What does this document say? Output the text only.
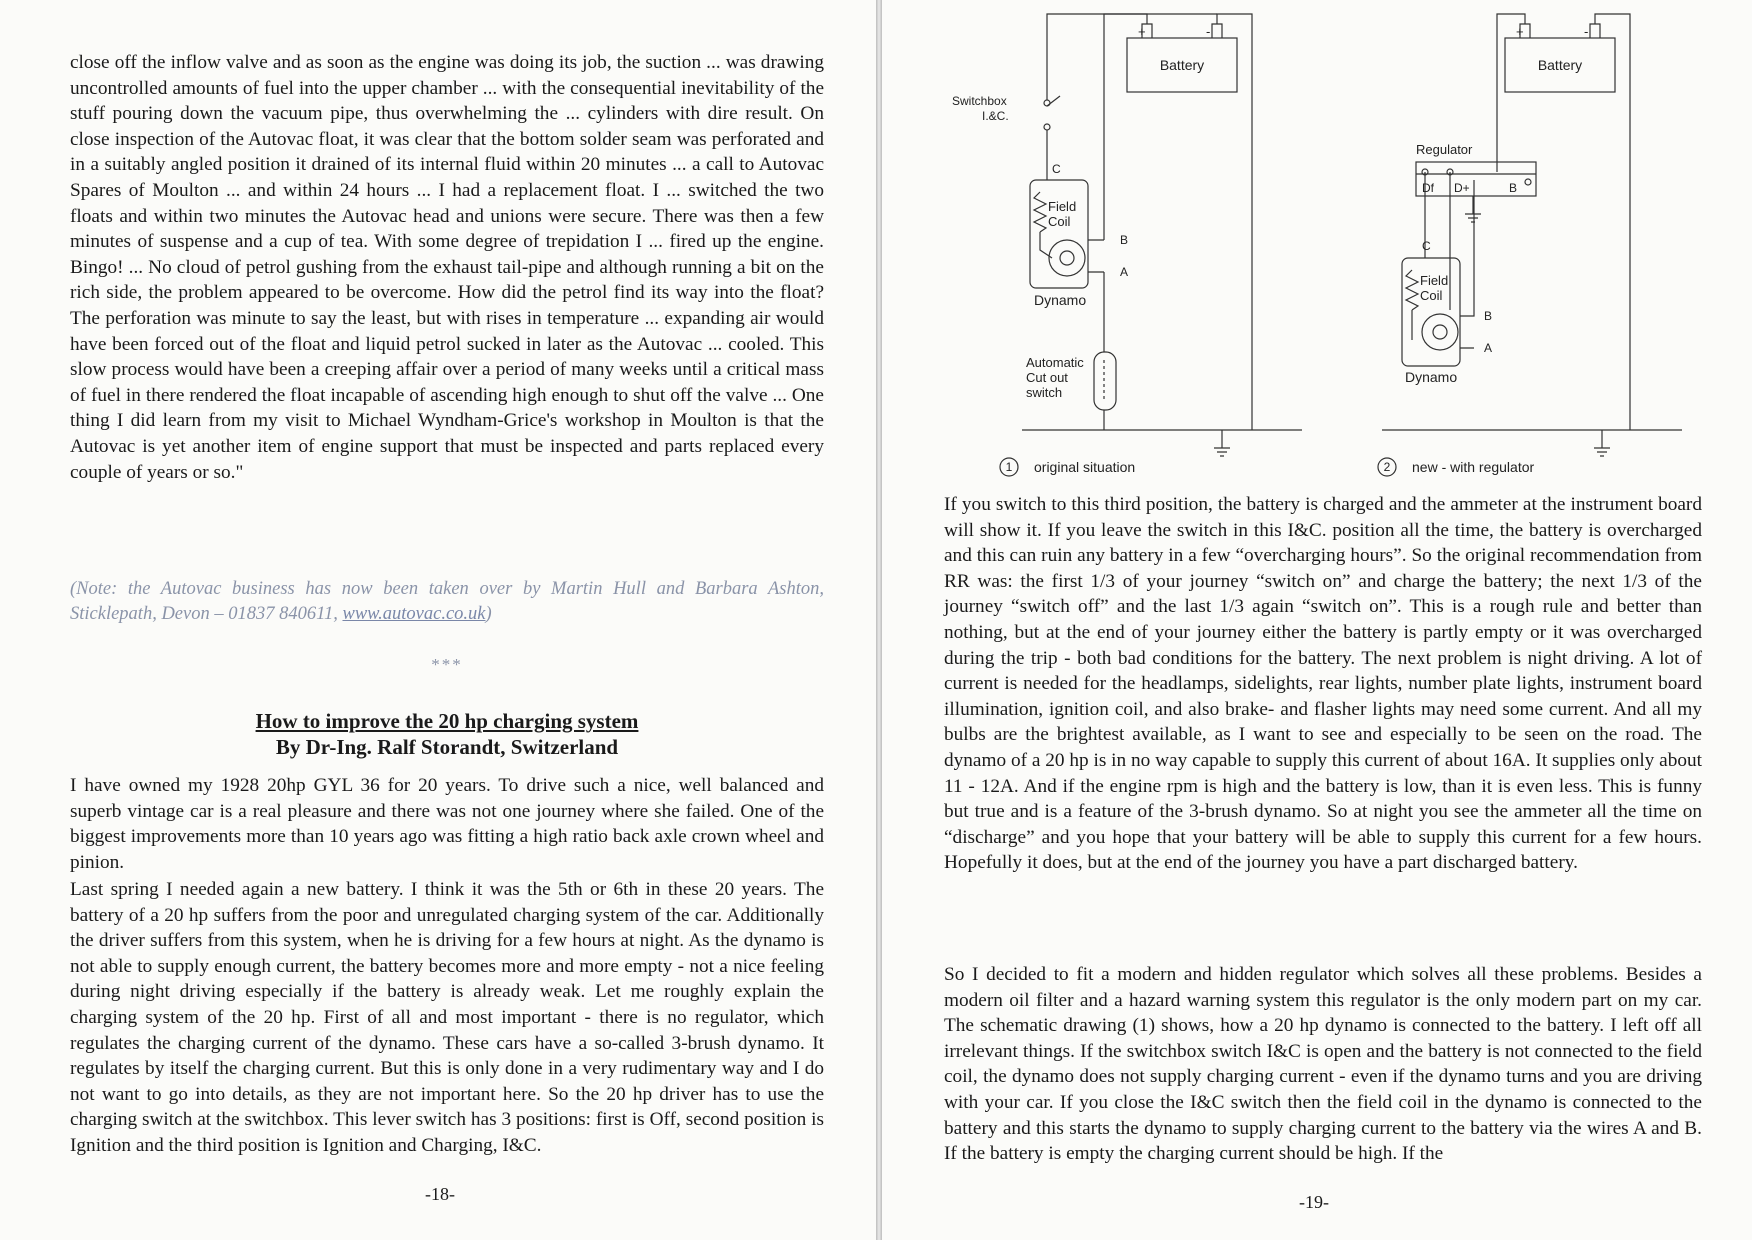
close off the inflow valve and as soon as the engine was doing its job, the suction ... was drawing uncontrolled amounts of fuel into the upper chamber ... with the consequential inevitability of the stuff pouring down the vacuum pipe, thus overwhelming the ... cylinders with dire result. On close inspection of the Autovac float, it was clear that the bottom solder seam was perforated and in a suitably angled position it drained of its internal fluid within 20 minutes ... a call to Autovac Spares of Moulton ... and within 24 hours ... I had a replacement float. I ... switched the two floats and within two minutes the Autovac head and unions were secure. There was then a few minutes of suspense and a cup of tea. With some degree of trepidation I ... fired up the engine. Bingo! ... No cloud of petrol gushing from the exhaust tail-pipe and although running a bit on the rich side, the problem appeared to be overcome. How did the petrol find its way into the float? The perforation was minute to say the least, but with rises in temperature ... expanding air would have been forced out of the float and liquid petrol sucked in later as the Autovac ... cooled. This slow process would have been a creeping affair over a period of many weeks until a critical mass of fuel in there rendered the float incapable of ascending high enough to shut off the valve ... One thing I did learn from my visit to Michael Wyndham-Grice's workshop in Moulton is that the Autovac is yet another item of engine support that must be inspected and parts replaced every couple of years or so."

(Note: the Autovac business has now been taken over by Martin Hull and Barbara Ashton, Sticklepath, Devon – 01837 840611, www.autovac.co.uk)

***
How to improve the 20 hp charging system
By Dr-Ing. Ralf Storandt, Switzerland

I have owned my 1928 20hp GYL 36 for 20 years. To drive such a nice, well balanced and superb vintage car is a real pleasure and there was not one journey where she failed. One of the biggest improvements more than 10 years ago was fitting a high ratio back axle crown wheel and pinion.

Last spring I needed again a new battery. I think it was the 5th or 6th in these 20 years. The battery of a 20 hp suffers from the poor and unregulated charging system of the car. Additionally the driver suffers from this system, when he is driving for a few hours at night. As the dynamo is not able to supply enough current, the battery becomes more and more empty - not a nice feeling during night driving especially if the battery is already weak. Let me roughly explain the charging system of the 20 hp. First of all and most important - there is no regulator, which regulates the charging current of the dynamo. These cars have a so-called 3-brush dynamo. It regulates by itself the charging current. But this is only done in a very rudimentary way and I do not want to go into details, as they are not important here. So the 20 hp driver has to use the charging switch at the switchbox. This lever switch has 3 positions: first is Off, second position is Ignition and the third position is Ignition and Charging, I&C.

-18-
+	-
Battery
Switchbox
I.&C.
C
Field
Coil
B
A
Dynamo
Automatic
Cut out
switch
1 original situation
+	-
Battery
Regulator
Df D+	B
C
Field
Coil
B
A
Dynamo
2 new - with regulator

If you switch to this third position, the battery is charged and the ammeter at the instrument board will show it. If you leave the switch in this I&C. position all the time, the battery is overcharged and this can ruin any battery in a few “overcharging hours”. So the original recommendation from RR was: the first 1/3 of your journey “switch on” and charge the battery; the next 1/3 of the journey “switch off” and the last 1/3 again “switch on”. This is a rough rule and better than nothing, but at the end of your journey either the battery is partly empty or it was overcharged during the trip - both bad conditions for the battery. The next problem is night driving. A lot of current is needed for the headlamps, sidelights, rear lights, number plate lights, instrument board illumination, ignition coil, and also brake- and flasher lights may need some current. And all my bulbs are the brightest available, as I want to see and especially to be seen on the road. The dynamo of a 20 hp is in no way capable to supply this current of about 16A. It supplies only about 11 - 12A. And if the engine rpm is high and the battery is low, than it is even less. This is funny but true and is a feature of the 3-brush dynamo. So at night you see the ammeter all the time on “discharge” and you hope that your battery will be able to supply this current for a few hours. Hopefully it does, but at the end of the journey you have a part discharged battery.

So I decided to fit a modern and hidden regulator which solves all these problems. Besides a modern oil filter and a hazard warning system this regulator is the only modern part on my car. The schematic drawing (1) shows, how a 20 hp dynamo is connected to the battery. I left off all irrelevant things. If the switchbox switch I&C is open and the battery is not connected to the field coil, the dynamo does not supply charging current - even if the dynamo turns and you are driving with your car. If you close the I&C switch then the field coil in the dynamo is connected to the battery and this starts the dynamo to supply charging current to the battery via the wires A and B. If the battery is empty the charging current should be high. If the

-19-
